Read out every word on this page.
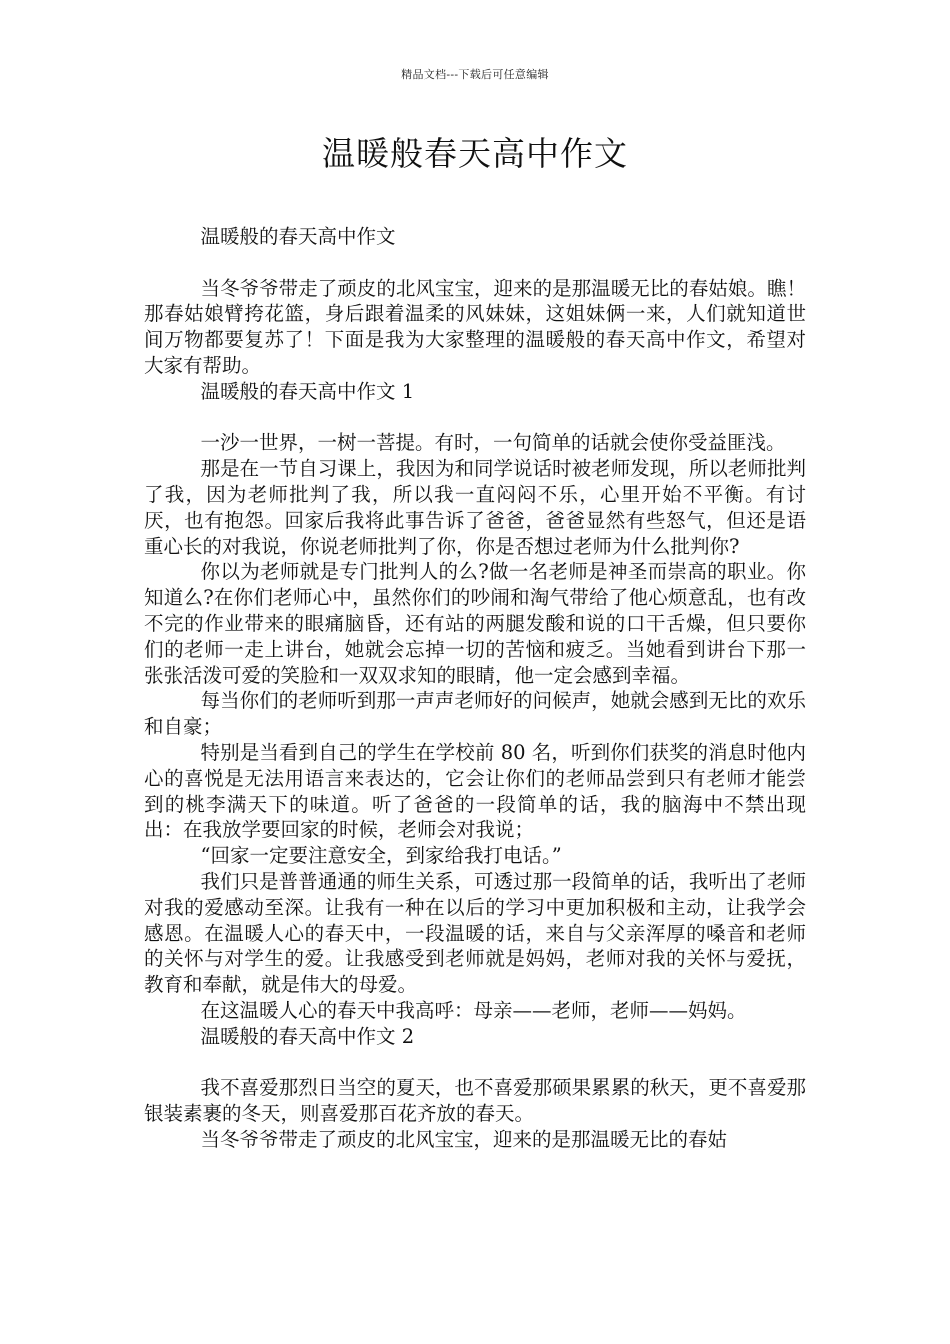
精品文档---下载后可任意编辑
温暖般春天高中作文

温暖般的春天高中作文

当冬爷爷带走了顽皮的北风宝宝，迎来的是那温暖无比的春姑娘。瞧！那春姑娘臂挎花篮，身后跟着温柔的风妹妹，这姐妹俩一来，人们就知道世间万物都要复苏了！下面是我为大家整理的温暖般的春天高中作文，希望对大家有帮助。

温暖般的春天高中作文 1

一沙一世界，一树一菩提。有时，一句简单的话就会使你受益匪浅。

那是在一节自习课上，我因为和同学说话时被老师发现，所以老师批判了我，因为老师批判了我，所以我一直闷闷不乐，心里开始不平衡。有讨厌，也有抱怨。回家后我将此事告诉了爸爸，爸爸显然有些怒气，但还是语重心长的对我说，你说老师批判了你，你是否想过老师为什么批判你?

你以为老师就是专门批判人的么?做一名老师是神圣而崇高的职业。你知道么?在你们老师心中，虽然你们的吵闹和淘气带给了他心烦意乱，也有改不完的作业带来的眼痛脑昏，还有站的两腿发酸和说的口干舌燥，但只要你们的老师一走上讲台，她就会忘掉一切的苦恼和疲乏。当她看到讲台下那一张张活泼可爱的笑脸和一双双求知的眼睛，他一定会感到幸福。

每当你们的老师听到那一声声老师好的问候声，她就会感到无比的欢乐和自豪；

特别是当看到自己的学生在学校前 80 名，听到你们获奖的消息时他内心的喜悦是无法用语言来表达的，它会让你们的老师品尝到只有老师才能尝到的桃李满天下的味道。听了爸爸的一段简单的话，我的脑海中不禁出现出：在我放学要回家的时候，老师会对我说；

“回家一定要注意安全，到家给我打电话。”

我们只是普普通通的师生关系，可透过那一段简单的话，我听出了老师对我的爱感动至深。让我有一种在以后的学习中更加积极和主动，让我学会感恩。在温暖人心的春天中，一段温暖的话，来自与父亲浑厚的嗓音和老师的关怀与对学生的爱。让我感受到老师就是妈妈，老师对我的关怀与爱抚，教育和奉献，就是伟大的母爱。

在这温暖人心的春天中我高呼：母亲——老师，老师——妈妈。

温暖般的春天高中作文 2

我不喜爱那烈日当空的夏天，也不喜爱那硕果累累的秋天，更不喜爱那银装素裹的冬天，则喜爱那百花齐放的春天。

当冬爷爷带走了顽皮的北风宝宝，迎来的是那温暖无比的春姑
